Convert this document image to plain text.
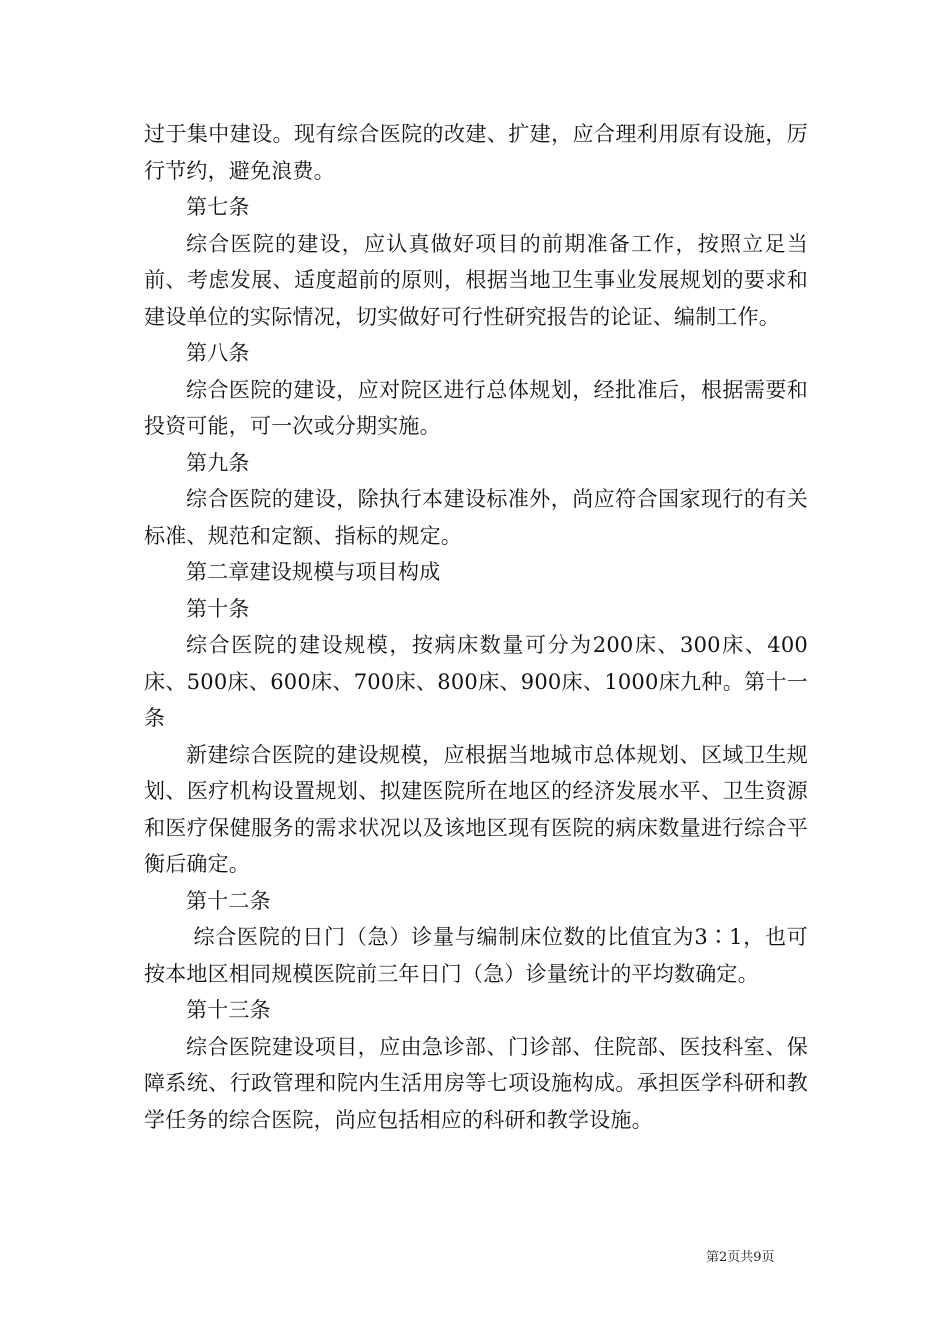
过于集中建设。现有综合医院的改建、扩建，应合理利用原有设施，厉行节约，避免浪费。

第七条

综合医院的建设，应认真做好项目的前期准备工作，按照立足当前、考虑发展、适度超前的原则，根据当地卫生事业发展规划的要求和建设单位的实际情况，切实做好可行性研究报告的论证、编制工作。

第八条

综合医院的建设，应对院区进行总体规划，经批准后，根据需要和投资可能，可一次或分期实施。

第九条

综合医院的建设，除执行本建设标准外，尚应符合国家现行的有关标准、规范和定额、指标的规定。

第二章建设规模与项目构成

第十条

综合医院的建设规模，按病床数量可分为200床、300床、400床、500床、600床、700床、800床、900床、1000床九种。第十一条

新建综合医院的建设规模，应根据当地城市总体规划、区域卫生规划、医疗机构设置规划、拟建医院所在地区的经济发展水平、卫生资源和医疗保健服务的需求状况以及该地区现有医院的病床数量进行综合平衡后确定。

第十二条

综合医院的日门（急）诊量与编制床位数的比值宜为3∶1，也可按本地区相同规模医院前三年日门（急）诊量统计的平均数确定。

第十三条

综合医院建设项目，应由急诊部、门诊部、住院部、医技科室、保障系统、行政管理和院内生活用房等七项设施构成。承担医学科研和教学任务的综合医院，尚应包括相应的科研和教学设施。

第2页共9页
